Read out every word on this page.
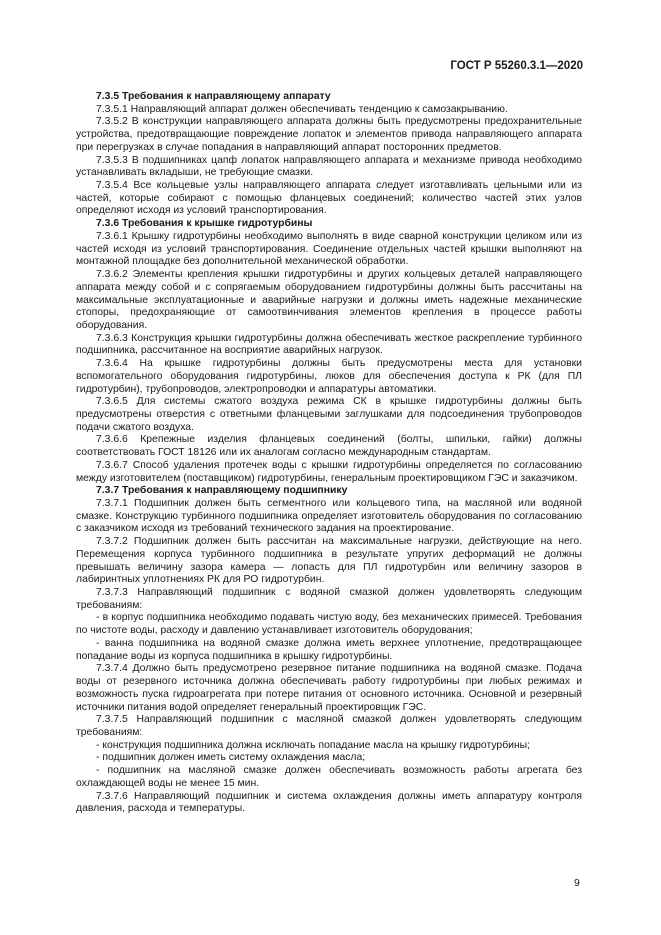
ГОСТ Р 55260.3.1—2020

7.3.5 Требования к направляющему аппарату

7.3.5.1 Направляющий аппарат должен обеспечивать тенденцию к самозакрыванию.

7.3.5.2 В конструкции направляющего аппарата должны быть предусмотрены предохранительные устройства, предотвращающие повреждение лопаток и элементов привода направляющего аппарата при перегрузках в случае попадания в направляющий аппарат посторонних предметов.

7.3.5.3 В подшипниках цапф лопаток направляющего аппарата и механизме привода необходимо устанавливать вкладыши, не требующие смазки.

7.3.5.4 Все кольцевые узлы направляющего аппарата следует изготавливать цельными или из частей, которые собирают с помощью фланцевых соединений; количество частей этих узлов определяют исходя из условий транспортирования.

7.3.6 Требования к крышке гидротурбины

7.3.6.1 Крышку гидротурбины необходимо выполнять в виде сварной конструкции целиком или из частей исходя из условий транспортирования. Соединение отдельных частей крышки выполняют на монтажной площадке без дополнительной механической обработки.

7.3.6.2 Элементы крепления крышки гидротурбины и других кольцевых деталей направляющего аппарата между собой и с сопрягаемым оборудованием гидротурбины должны быть рассчитаны на максимальные эксплуатационные и аварийные нагрузки и должны иметь надежные механические стопоры, предохраняющие от самоотвинчивания элементов крепления в процессе работы оборудования.

7.3.6.3 Конструкция крышки гидротурбины должна обеспечивать жесткое раскрепление турбинного подшипника, рассчитанное на восприятие аварийных нагрузок.

7.3.6.4 На крышке гидротурбины должны быть предусмотрены места для установки вспомогательного оборудования гидротурбины, люков для обеспечения доступа к РК (для ПЛ гидротурбин), трубопроводов, электропроводки и аппаратуры автоматики.

7.3.6.5 Для системы сжатого воздуха режима СК в крышке гидротурбины должны быть предусмотрены отверстия с ответными фланцевыми заглушками для подсоединения трубопроводов подачи сжатого воздуха.

7.3.6.6 Крепежные изделия фланцевых соединений (болты, шпильки, гайки) должны соответствовать ГОСТ 18126 или их аналогам согласно международным стандартам.

7.3.6.7 Способ удаления протечек воды с крышки гидротурбины определяется по согласованию между изготовителем (поставщиком) гидротурбины, генеральным проектировщиком ГЭС и заказчиком.

7.3.7 Требования к направляющему подшипнику

7.3.7.1 Подшипник должен быть сегментного или кольцевого типа, на масляной или водяной смазке. Конструкцию турбинного подшипника определяет изготовитель оборудования по согласованию с заказчиком исходя из требований технического задания на проектирование.

7.3.7.2 Подшипник должен быть рассчитан на максимальные нагрузки, действующие на него. Перемещения корпуса турбинного подшипника в результате упругих деформаций не должны превышать величину зазора камера — лопасть для ПЛ гидротурбин или величину зазоров в лабиринтных уплотнениях РК для РО гидротурбин.

7.3.7.3 Направляющий подшипник с водяной смазкой должен удовлетворять следующим требованиям:

- в корпус подшипника необходимо подавать чистую воду, без механических примесей. Требования по чистоте воды, расходу и давлению устанавливает изготовитель оборудования;

- ванна подшипника на водяной смазке должна иметь верхнее уплотнение, предотвращающее попадание воды из корпуса подшипника в крышку гидротурбины.

7.3.7.4 Должно быть предусмотрено резервное питание подшипника на водяной смазке. Подача воды от резервного источника должна обеспечивать работу гидротурбины при любых режимах и возможность пуска гидроагрегата при потере питания от основного источника. Основной и резервный источники питания водой определяет генеральный проектировщик ГЭС.

7.3.7.5 Направляющий подшипник с масляной смазкой должен удовлетворять следующим требованиям:

- конструкция подшипника должна исключать попадание масла на крышку гидротурбины;

- подшипник должен иметь систему охлаждения масла;

- подшипник на масляной смазке должен обеспечивать возможность работы агрегата без охлаждающей воды не менее 15 мин.

7.3.7.6 Направляющий подшипник и система охлаждения должны иметь аппаратуру контроля давления, расхода и температуры.

9
